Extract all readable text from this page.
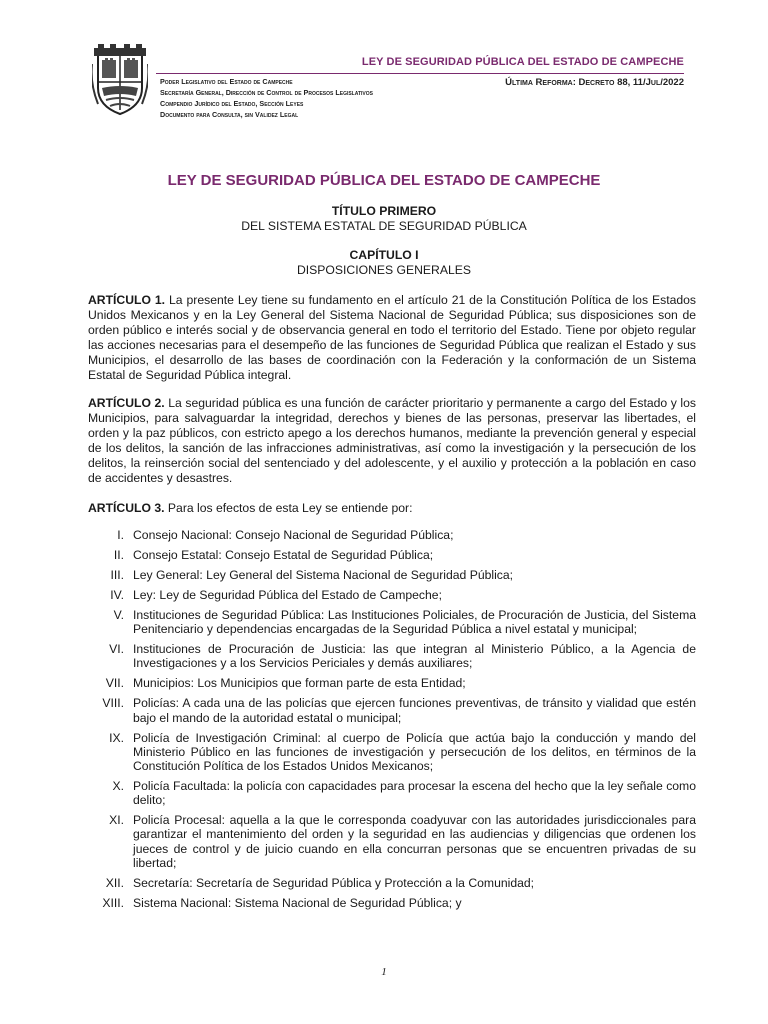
LEY DE SEGURIDAD PÚBLICA DEL ESTADO DE CAMPECHE
Poder Legislativo del Estado de Campeche
Secretaría General, Dirección de Control de Procesos Legislativos
Compendio Jurídico del Estado, Sección Leyes
Documento para Consulta, sin Validez Legal
Última Reforma: Decreto 88, 11/Jul/2022
LEY DE SEGURIDAD PÚBLICA DEL ESTADO DE CAMPECHE
TÍTULO PRIMERO
DEL SISTEMA ESTATAL DE SEGURIDAD PÚBLICA
CAPÍTULO I
DISPOSICIONES GENERALES

ARTÍCULO 1. La presente Ley tiene su fundamento en el artículo 21 de la Constitución Política de los Estados Unidos Mexicanos y en la Ley General del Sistema Nacional de Seguridad Pública; sus disposiciones son de orden público e interés social y de observancia general en todo el territorio del Estado. Tiene por objeto regular las acciones necesarias para el desempeño de las funciones de Seguridad Pública que realizan el Estado y sus Municipios, el desarrollo de las bases de coordinación con la Federación y la conformación de un Sistema Estatal de Seguridad Pública integral.

ARTÍCULO 2. La seguridad pública es una función de carácter prioritario y permanente a cargo del Estado y los Municipios, para salvaguardar la integridad, derechos y bienes de las personas, preservar las libertades, el orden y la paz públicos, con estricto apego a los derechos humanos, mediante la prevención general y especial de los delitos, la sanción de las infracciones administrativas, así como la investigación y la persecución de los delitos, la reinserción social del sentenciado y del adolescente, y el auxilio y protección a la población en caso de accidentes y desastres.

ARTÍCULO 3. Para los efectos de esta Ley se entiende por:

I. Consejo Nacional: Consejo Nacional de Seguridad Pública;
II. Consejo Estatal: Consejo Estatal de Seguridad Pública;
III. Ley General: Ley General del Sistema Nacional de Seguridad Pública;
IV. Ley: Ley de Seguridad Pública del Estado de Campeche;
V. Instituciones de Seguridad Pública: Las Instituciones Policiales, de Procuración de Justicia, del Sistema Penitenciario y dependencias encargadas de la Seguridad Pública a nivel estatal y municipal;
VI. Instituciones de Procuración de Justicia: las que integran al Ministerio Público, a la Agencia de Investigaciones y a los Servicios Periciales y demás auxiliares;
VII. Municipios: Los Municipios que forman parte de esta Entidad;
VIII. Policías: A cada una de las policías que ejercen funciones preventivas, de tránsito y vialidad que estén bajo el mando de la autoridad estatal o municipal;
IX. Policía de Investigación Criminal: al cuerpo de Policía que actúa bajo la conducción y mando del Ministerio Público en las funciones de investigación y persecución de los delitos, en términos de la Constitución Política de los Estados Unidos Mexicanos;
X. Policía Facultada: la policía con capacidades para procesar la escena del hecho que la ley señale como delito;
XI. Policía Procesal: aquella a la que le corresponda coadyuvar con las autoridades jurisdiccionales para garantizar el mantenimiento del orden y la seguridad en las audiencias y diligencias que ordenen los jueces de control y de juicio cuando en ella concurran personas que se encuentren privadas de su libertad;
XII. Secretaría: Secretaría de Seguridad Pública y Protección a la Comunidad;
XIII. Sistema Nacional: Sistema Nacional de Seguridad Pública; y
1
